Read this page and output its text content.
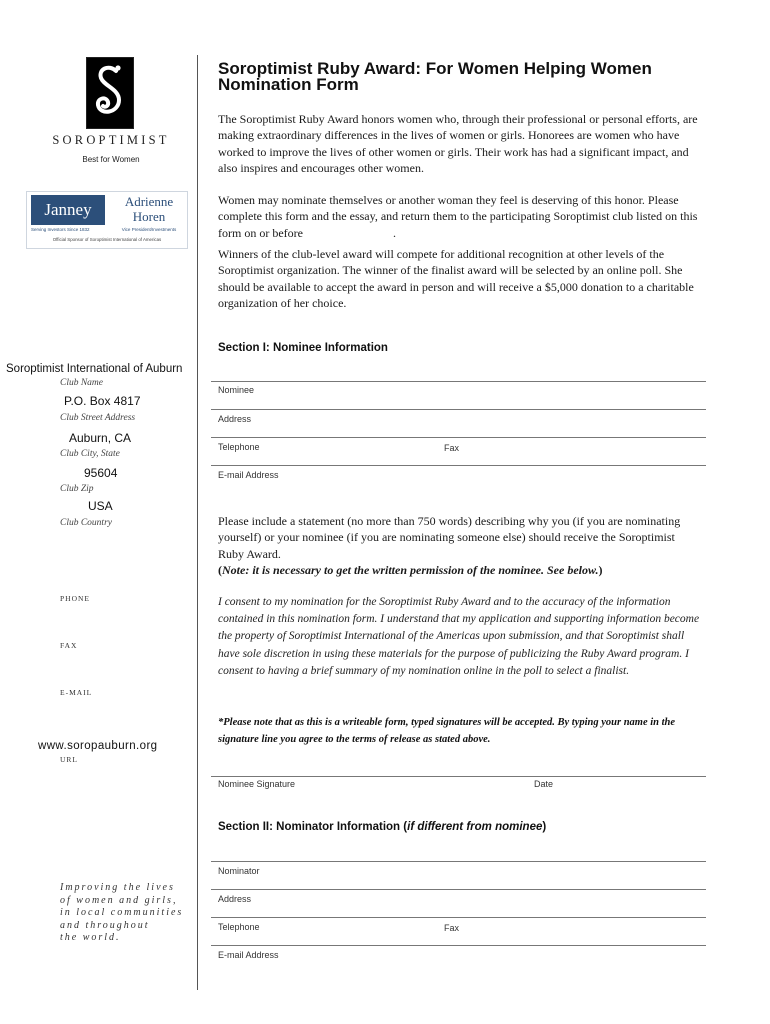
SOROPTIMIST
Best for Women
Janney
Serving Investors Since 1832
Adrienne
Horen
Vice President/Investments
Official Sponsor of Soroptimist International of Americas
Soroptimist International of Auburn
Club Name
P.O. Box 4817
Club Street Address
Auburn, CA
Club City, State
95604
Club Zip
USA
Club Country
PHONE
FAX
E-MAIL
www.soropauburn.org
URL
Improving the lives
of women and girls,
in local communities
and throughout
the world.
Soroptimist Ruby Award: For Women Helping Women
Nomination Form

The Soroptimist Ruby Award honors women who, through their professional or personal efforts, are making extraordinary differences in the lives of women or girls. Honorees are women who have worked to improve the lives of other women or girls. Their work has had a significant impact, and also inspires and encourages other women.

Women may nominate themselves or another woman they feel is deserving of this honor. Please complete this form and the essay, and return them to the participating Soroptimist club listed on this form on or before	.

Winners of the club-level award will compete for additional recognition at other levels of the Soroptimist organization. The winner of the finalist award will be selected by an online poll. She should be available to accept the award in person and will receive a $5,000 donation to a charitable organization of her choice.

Section I: Nominee Information
Nominee
Address
Telephone	Fax
E-mail Address

Please include a statement (no more than 750 words) describing why you (if you are nominating yourself) or your nominee (if you are nominating someone else) should receive the Soroptimist Ruby Award.
(Note: it is necessary to get the written permission of the nominee. See below.)

I consent to my nomination for the Soroptimist Ruby Award and to the accuracy of the information contained in this nomination form. I understand that my application and supporting information become the property of Soroptimist International of the Americas upon submission, and that Soroptimist shall have sole discretion in using these materials for the purpose of publicizing the Ruby Award program. I consent to having a brief summary of my nomination online in the poll to select a finalist.

*Please note that as this is a writeable form, typed signatures will be accepted. By typing your name in the signature line you agree to the terms of release as stated above.
Nominee Signature	Date
Section II: Nominator Information (if different from nominee)
Nominator
Address
Telephone	Fax
E-mail Address
